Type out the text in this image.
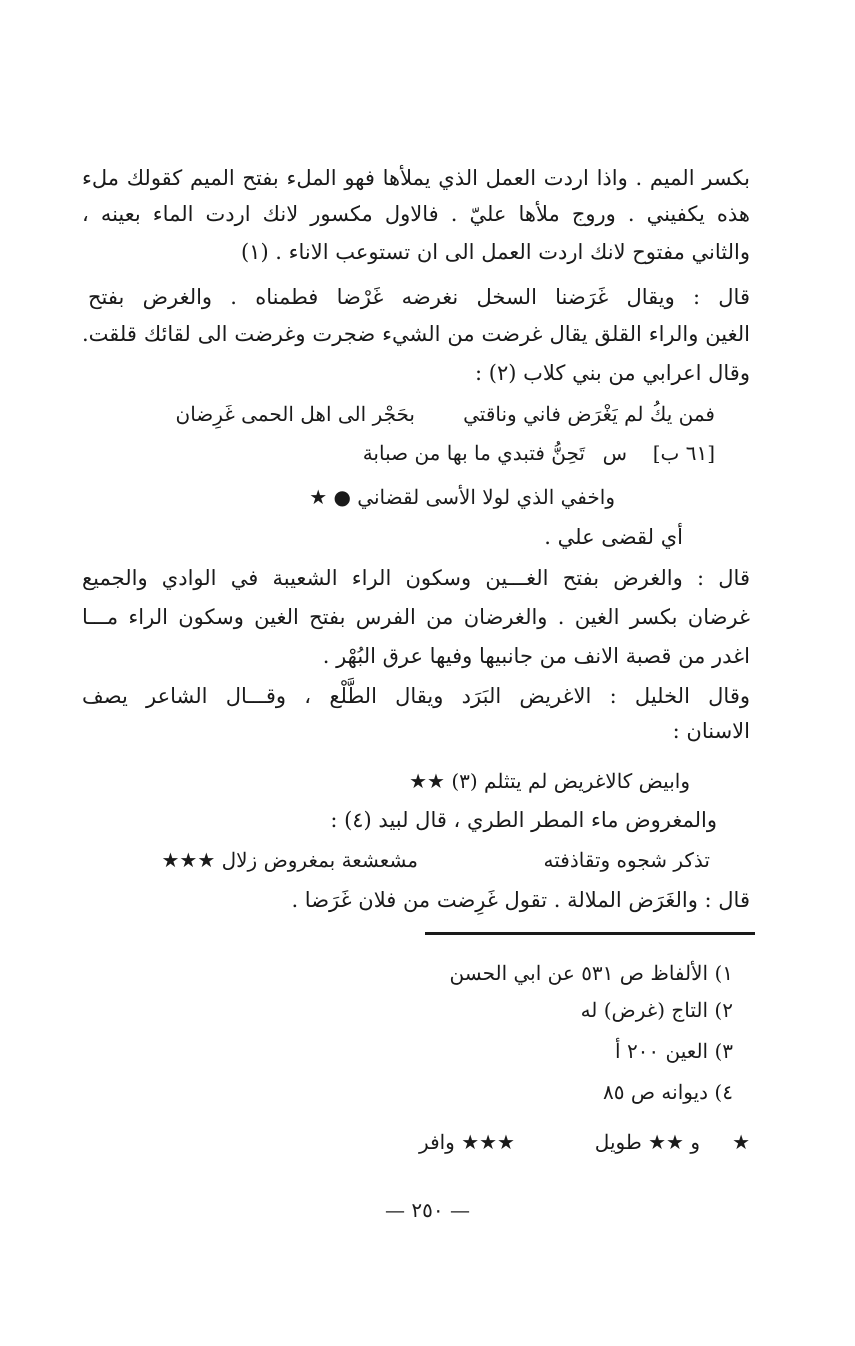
بكسر الميم . واذا اردت العمل الذي يملأها فهو الملء بفتح الميم كقولك ملء
هذه يكفيني . وروج ملأها عليّ . فالاول مكسور لانك اردت الماء بعينه ،
والثاني مفتوح لانك اردت العمل الى ان تستوعب الاناء . (١)
قال : ويقال غَرَضنا السخل نغرضه غَرْضا فطمناه . والغرض بفتح
الغين والراء القلق يقال غرضت من الشيء ضجرت وغرضت الى لقائك قلقت.
وقال اعرابي من بني كلاب (٢) :
فمن يكُ لم يَغْرَض فاني وناقتي
بحَجْر الى اهل الحمى غَرِضان
[٦١ ب]
س
تَحِنُّ فتبدي ما بها من صبابة
واخفي الذي لولا الأسى لقضاني ● ★
أي لقضى علي .
قال : والغرض بفتح الغـــين وسكون الراء الشعيبة في الوادي والجميع
غرضان بكسر الغين . والغرضان من الفرس بفتح الغين وسكون الراء مـــا
اغدر من قصبة الانف من جانبيها وفيها عرق البُهْر .
وقال الخليل : الاغريض البَرَد ويقال الطَّلْع ، وقـــال الشاعر يصف
الاسنان :
وابيض كالاغريض لم يتثلم (٣) ★★
والمغروض ماء المطر الطري ، قال لبيد (٤) :
تذكر شجوه وتقاذفته
مشعشعة بمغروض زلال ★★★
قال : والغَرَض الملالة . تقول غَرِضت من فلان غَرَضا .
١) الألفاظ ص ٥٣١ عن ابي الحسن
٢) التاج (غرض) له
٣) العين ٢٠٠ أ
٤) ديوانه ص ٨٥
★
و ★★ طويل
★★★ وافر
— ٢٥٠ —
